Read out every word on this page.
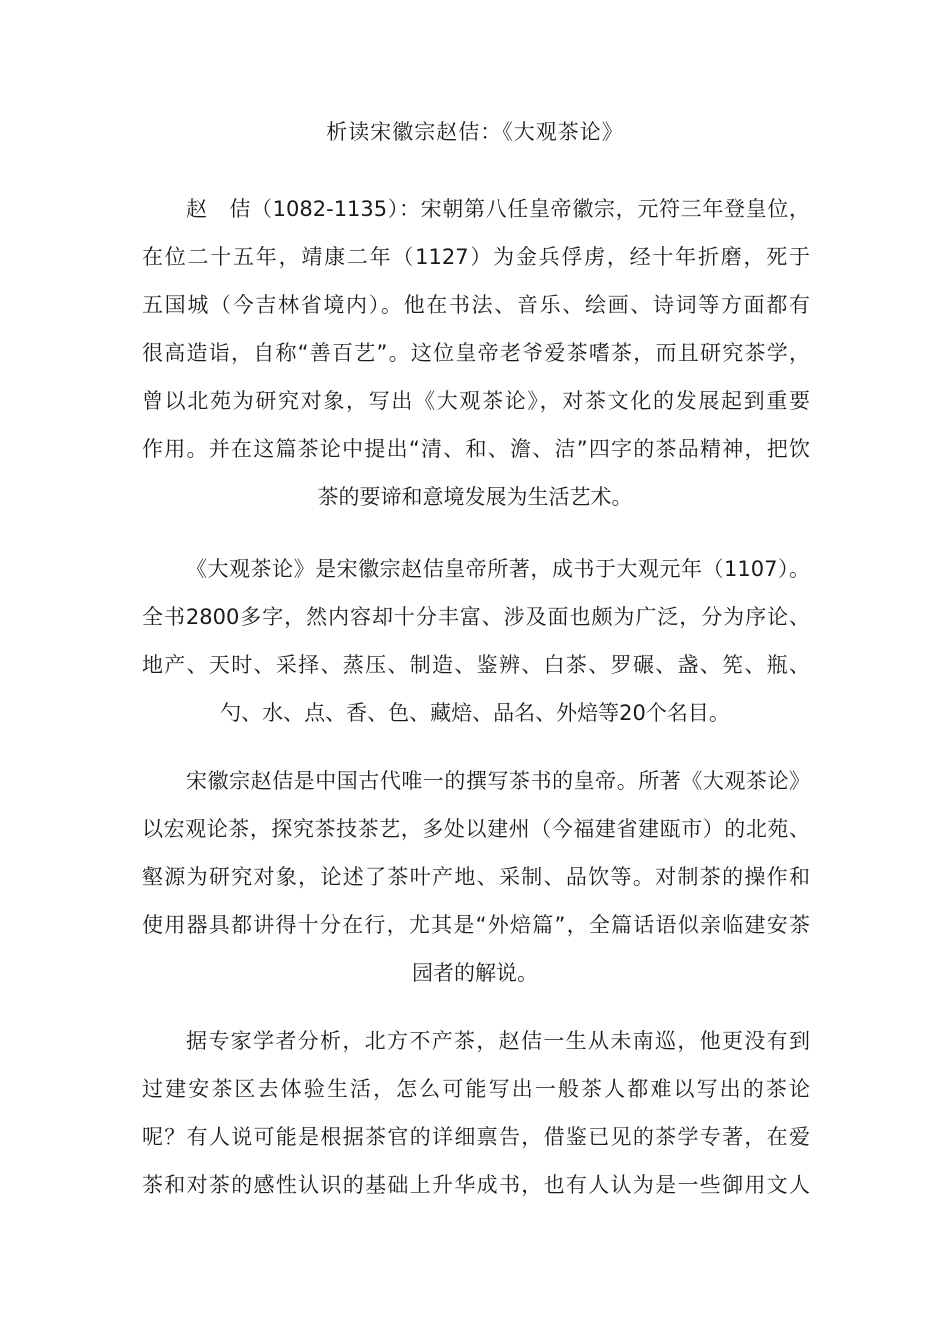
析读宋徽宗赵佶：《大观茶论》
赵　佶（1082-1135）：宋朝第八任皇帝徽宗，元符三年登皇位，
在位二十五年，靖康二年（1127）为金兵俘虏，经十年折磨，死于
五国城（今吉林省境内）。他在书法、音乐、绘画、诗词等方面都有
很高造诣，自称“善百艺”。这位皇帝老爷爱茶嗜茶，而且研究茶学，
曾以北苑为研究对象，写出《大观茶论》，对茶文化的发展起到重要
作用。并在这篇茶论中提出“清、和、澹、洁”四字的茶品精神，把饮
茶的要谛和意境发展为生活艺术。
《大观茶论》是宋徽宗赵佶皇帝所著，成书于大观元年（1107）。
全书2800多字，然内容却十分丰富、涉及面也颇为广泛，分为序论、
地产、天时、采择、蒸压、制造、鉴辨、白茶、罗碾、盏、筅、瓶、
勺、水、点、香、色、藏焙、品名、外焙等20个名目。
宋徽宗赵佶是中国古代唯一的撰写茶书的皇帝。所著《大观茶论》
以宏观论茶，探究茶技茶艺，多处以建州（今福建省建瓯市）的北苑、
壑源为研究对象，论述了茶叶产地、采制、品饮等。对制茶的操作和
使用器具都讲得十分在行，尤其是“外焙篇”，全篇话语似亲临建安茶
园者的解说。
据专家学者分析，北方不产茶，赵佶一生从未南巡，他更没有到
过建安茶区去体验生活，怎么可能写出一般茶人都难以写出的茶论
呢？有人说可能是根据茶官的详细禀告，借鉴已见的茶学专著，在爱
茶和对茶的感性认识的基础上升华成书，也有人认为是一些御用文人
